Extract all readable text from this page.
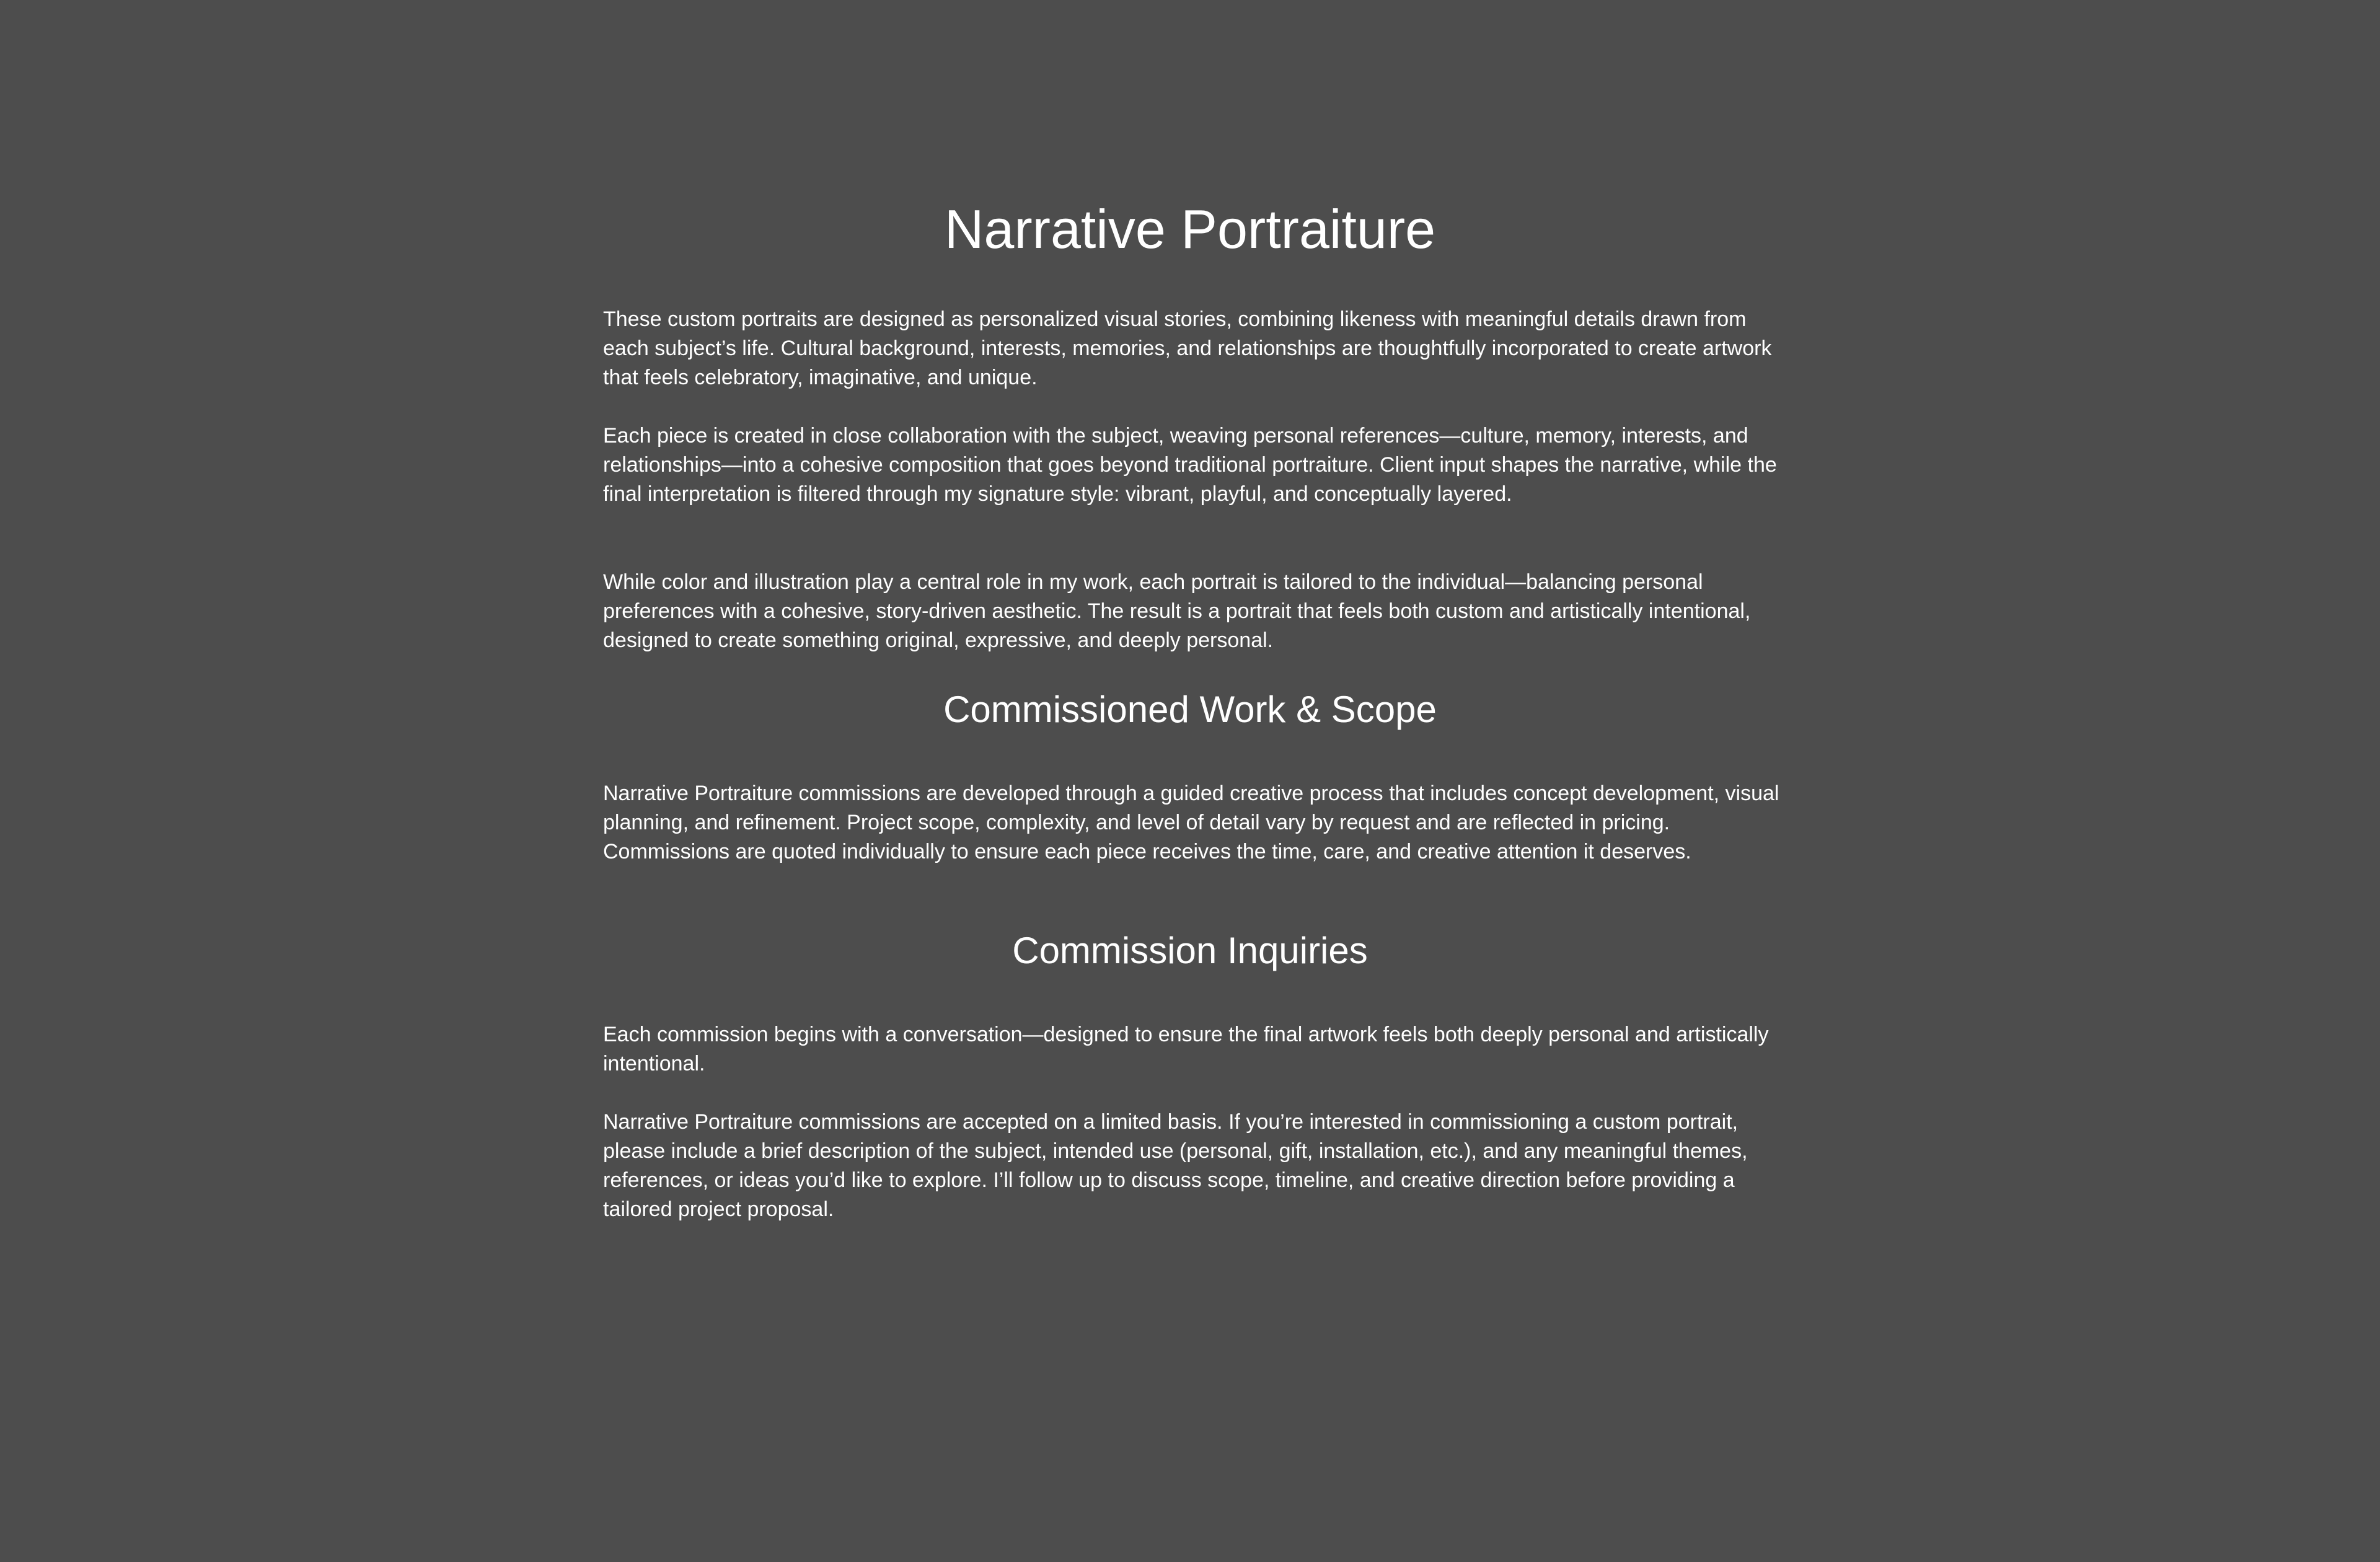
Narrative Portraiture

These custom portraits are designed as personalized visual stories, combining likeness with meaningful details drawn from each subject’s life. Cultural background, interests, memories, and relationships are thoughtfully incorporated to create artwork that feels celebratory, imaginative, and unique.

Each piece is created in close collaboration with the subject, weaving personal references—culture, memory, interests, and relationships—into a cohesive composition that goes beyond traditional portraiture. Client input shapes the narrative, while the final interpretation is filtered through my signature style: vibrant, playful, and conceptually layered.

While color and illustration play a central role in my work, each portrait is tailored to the individual—balancing personal preferences with a cohesive, story-driven aesthetic. The result is a portrait that feels both custom and artistically intentional, designed to create something original, expressive, and deeply personal.

Commissioned Work & Scope

Narrative Portraiture commissions are developed through a guided creative process that includes concept development, visual planning, and refinement. Project scope, complexity, and level of detail vary by request and are reflected in pricing. Commissions are quoted individually to ensure each piece receives the time, care, and creative attention it deserves.

Commission Inquiries

Each commission begins with a conversation—designed to ensure the final artwork feels both deeply personal and artistically intentional.

Narrative Portraiture commissions are accepted on a limited basis. If you’re interested in commissioning a custom portrait, please include a brief description of the subject, intended use (personal, gift, installation, etc.), and any meaningful themes, references, or ideas you’d like to explore. I’ll follow up to discuss scope, timeline, and creative direction before providing a tailored project proposal.
